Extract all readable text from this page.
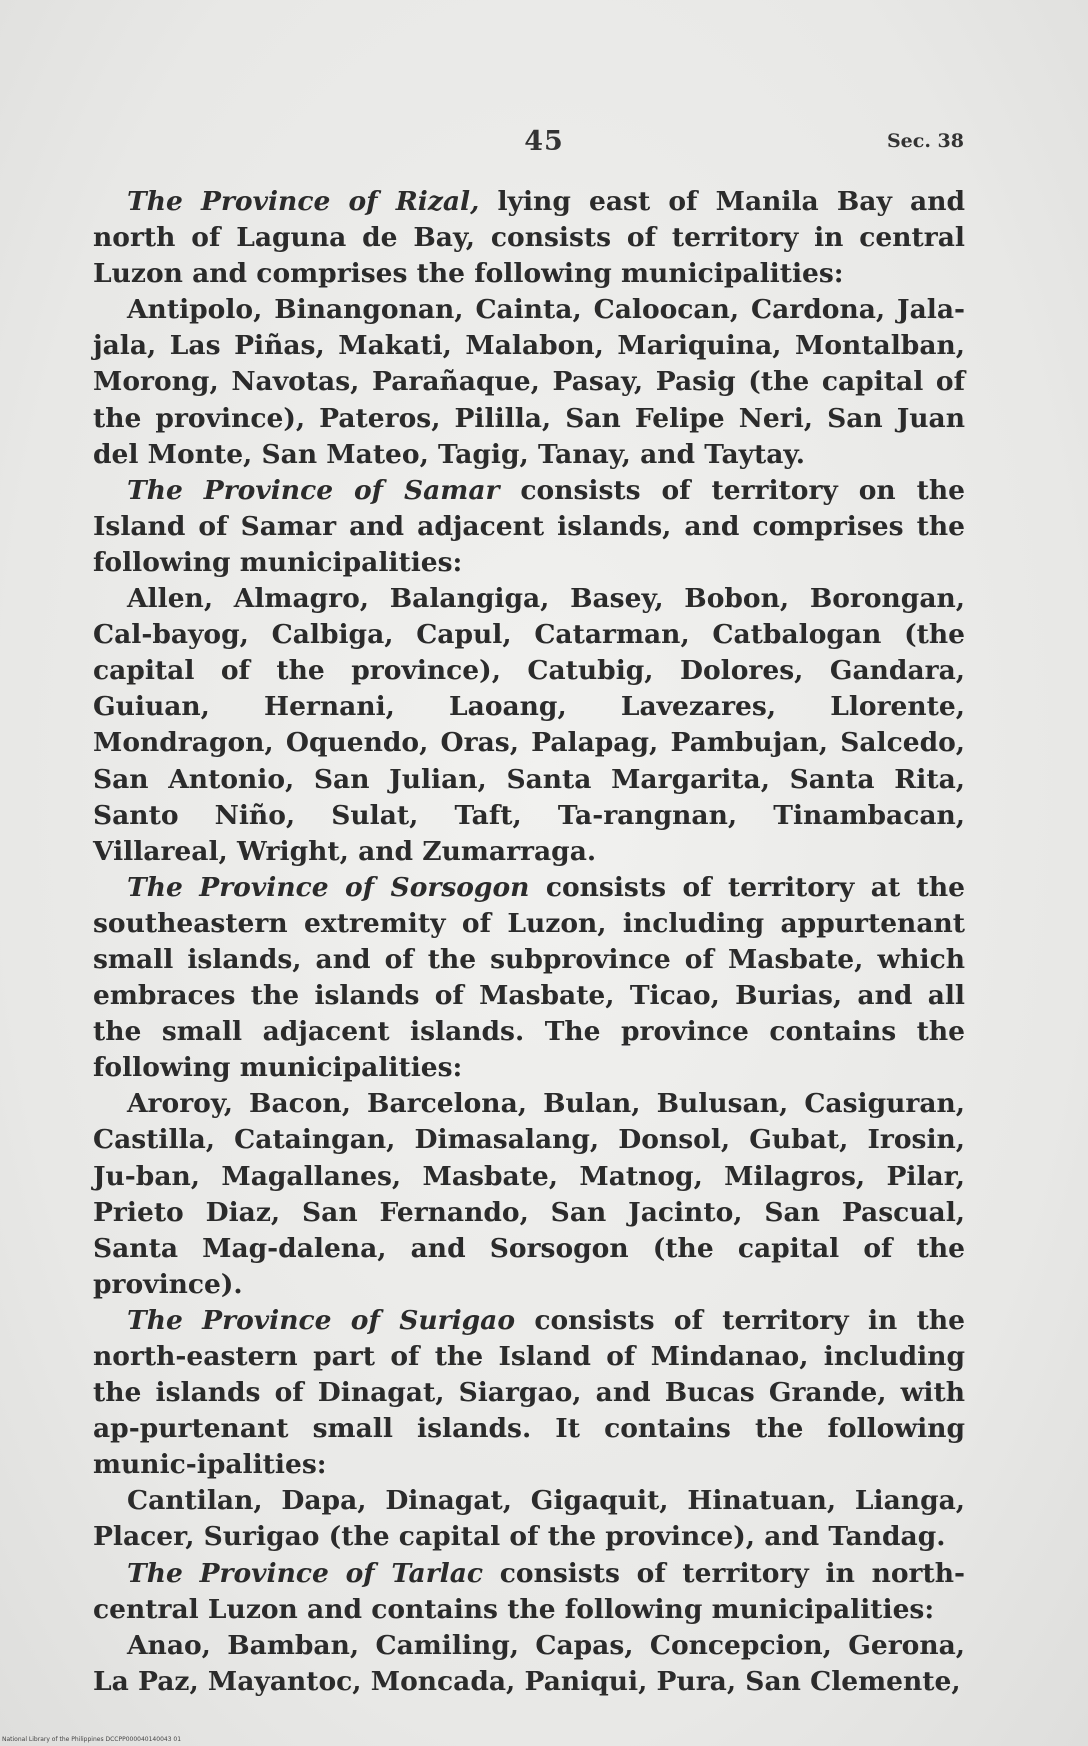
45	Sec. 38

The Province of Rizal, lying east of Manila Bay and north of Laguna de Bay, consists of territory in central Luzon and comprises the following municipalities:

Antipolo, Binangonan, Cainta, Caloocan, Cardona, Jala-jala, Las Piñas, Makati, Malabon, Mariquina, Montalban, Morong, Navotas, Parañaque, Pasay, Pasig (the capital of the province), Pateros, Pililla, San Felipe Neri, San Juan del Monte, San Mateo, Tagig, Tanay, and Taytay.

The Province of Samar consists of territory on the Island of Samar and adjacent islands, and comprises the following municipalities:

Allen, Almagro, Balangiga, Basey, Bobon, Borongan, Cal-bayog, Calbiga, Capul, Catarman, Catbalogan (the capital of the province), Catubig, Dolores, Gandara, Guiuan, Hernani, Laoang, Lavezares, Llorente, Mondragon, Oquendo, Oras, Palapag, Pambujan, Salcedo, San Antonio, San Julian, Santa Margarita, Santa Rita, Santo Niño, Sulat, Taft, Ta-rangnan, Tinambacan, Villareal, Wright, and Zumarraga.

The Province of Sorsogon consists of territory at the southeastern extremity of Luzon, including appurtenant small islands, and of the subprovince of Masbate, which embraces the islands of Masbate, Ticao, Burias, and all the small adjacent islands. The province contains the following municipalities:

Aroroy, Bacon, Barcelona, Bulan, Bulusan, Casiguran, Castilla, Cataingan, Dimasalang, Donsol, Gubat, Irosin, Ju-ban, Magallanes, Masbate, Matnog, Milagros, Pilar, Prieto Diaz, San Fernando, San Jacinto, San Pascual, Santa Mag-dalena, and Sorsogon (the capital of the province).

The Province of Surigao consists of territory in the north-eastern part of the Island of Mindanao, including the islands of Dinagat, Siargao, and Bucas Grande, with ap-purtenant small islands. It contains the following munic-ipalities:

Cantilan, Dapa, Dinagat, Gigaquit, Hinatuan, Lianga, Placer, Surigao (the capital of the province), and Tandag.

The Province of Tarlac consists of territory in north-central Luzon and contains the following municipalities:

Anao, Bamban, Camiling, Capas, Concepcion, Gerona, La Paz, Mayantoc, Moncada, Paniqui, Pura, San Clemente,

National Library of the Philippines DCCPP000040140043 01
